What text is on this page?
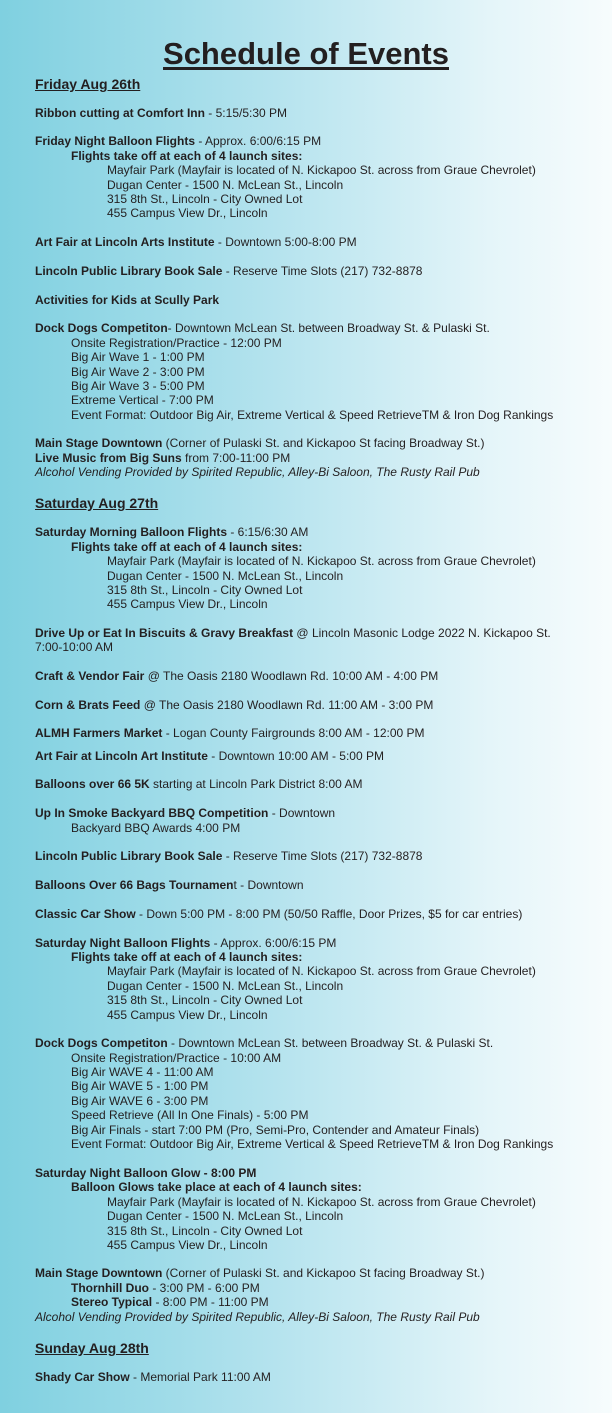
Schedule of Events

Friday Aug 26th

Ribbon cutting at Comfort Inn - 5:15/5:30 PM

Friday Night Balloon Flights - Approx. 6:00/6:15 PM

Flights take off at each of 4 launch sites:

Mayfair Park (Mayfair is located of N. Kickapoo St. across from Graue Chevrolet)

Dugan Center - 1500 N. McLean St., Lincoln

315 8th St., Lincoln - City Owned Lot

455 Campus View Dr., Lincoln

Art Fair at Lincoln Arts Institute - Downtown 5:00-8:00 PM

Lincoln Public Library Book Sale - Reserve Time Slots (217) 732-8878

Activities for Kids at Scully Park

Dock Dogs Competiton- Downtown McLean St. between Broadway St. & Pulaski St.

Onsite Registration/Practice - 12:00 PM

Big Air Wave 1 - 1:00 PM

Big Air Wave 2 - 3:00 PM

Big Air Wave 3 - 5:00 PM

Extreme Vertical - 7:00 PM

Event Format: Outdoor Big Air, Extreme Vertical & Speed RetrieveTM & Iron Dog Rankings

Main Stage Downtown (Corner of Pulaski St. and Kickapoo St facing Broadway St.)

Live Music from Big Suns from 7:00-11:00 PM

Alcohol Vending Provided by Spirited Republic, Alley-Bi Saloon, The Rusty Rail Pub

Saturday Aug 27th

Saturday Morning Balloon Flights - 6:15/6:30 AM

Flights take off at each of 4 launch sites:

Mayfair Park (Mayfair is located of N. Kickapoo St. across from Graue Chevrolet)

Dugan Center - 1500 N. McLean St., Lincoln

315 8th St., Lincoln - City Owned Lot

455 Campus View Dr., Lincoln

Drive Up or Eat In Biscuits & Gravy Breakfast @ Lincoln Masonic Lodge 2022 N. Kickapoo St.

7:00-10:00 AM

Craft & Vendor Fair @ The Oasis 2180 Woodlawn Rd. 10:00 AM - 4:00 PM

Corn & Brats Feed @ The Oasis 2180 Woodlawn Rd. 11:00 AM - 3:00 PM

ALMH Farmers Market - Logan County Fairgrounds 8:00 AM - 12:00 PM

Art Fair at Lincoln Art Institute - Downtown 10:00 AM - 5:00 PM

Balloons over 66 5K starting at Lincoln Park District 8:00 AM

Up In Smoke Backyard BBQ Competition - Downtown

Backyard BBQ Awards 4:00 PM

Lincoln Public Library Book Sale - Reserve Time Slots (217) 732-8878

Balloons Over 66 Bags Tournament - Downtown

Classic Car Show - Down 5:00 PM - 8:00 PM (50/50 Raffle, Door Prizes, $5 for car entries)

Saturday Night Balloon Flights - Approx. 6:00/6:15 PM

Flights take off at each of 4 launch sites:

Mayfair Park (Mayfair is located of N. Kickapoo St. across from Graue Chevrolet)

Dugan Center - 1500 N. McLean St., Lincoln

315 8th St., Lincoln - City Owned Lot

455 Campus View Dr., Lincoln

Dock Dogs Competiton - Downtown McLean St. between Broadway St. & Pulaski St.

Onsite Registration/Practice - 10:00 AM

Big Air WAVE 4 - 11:00 AM

Big Air WAVE 5 - 1:00 PM

Big Air WAVE 6 - 3:00 PM

Speed Retrieve (All In One Finals) - 5:00 PM

Big Air Finals - start 7:00 PM (Pro, Semi-Pro, Contender and Amateur Finals)

Event Format: Outdoor Big Air, Extreme Vertical & Speed RetrieveTM & Iron Dog Rankings

Saturday Night Balloon Glow - 8:00 PM

Balloon Glows take place at each of 4 launch sites:

Mayfair Park (Mayfair is located of N. Kickapoo St. across from Graue Chevrolet)

Dugan Center - 1500 N. McLean St., Lincoln

315 8th St., Lincoln - City Owned Lot

455 Campus View Dr., Lincoln

Main Stage Downtown (Corner of Pulaski St. and Kickapoo St facing Broadway St.)

Thornhill Duo - 3:00 PM - 6:00 PM

Stereo Typical - 8:00 PM - 11:00 PM

Alcohol Vending Provided by Spirited Republic, Alley-Bi Saloon, The Rusty Rail Pub

Sunday Aug 28th

Shady Car Show - Memorial Park 11:00 AM
